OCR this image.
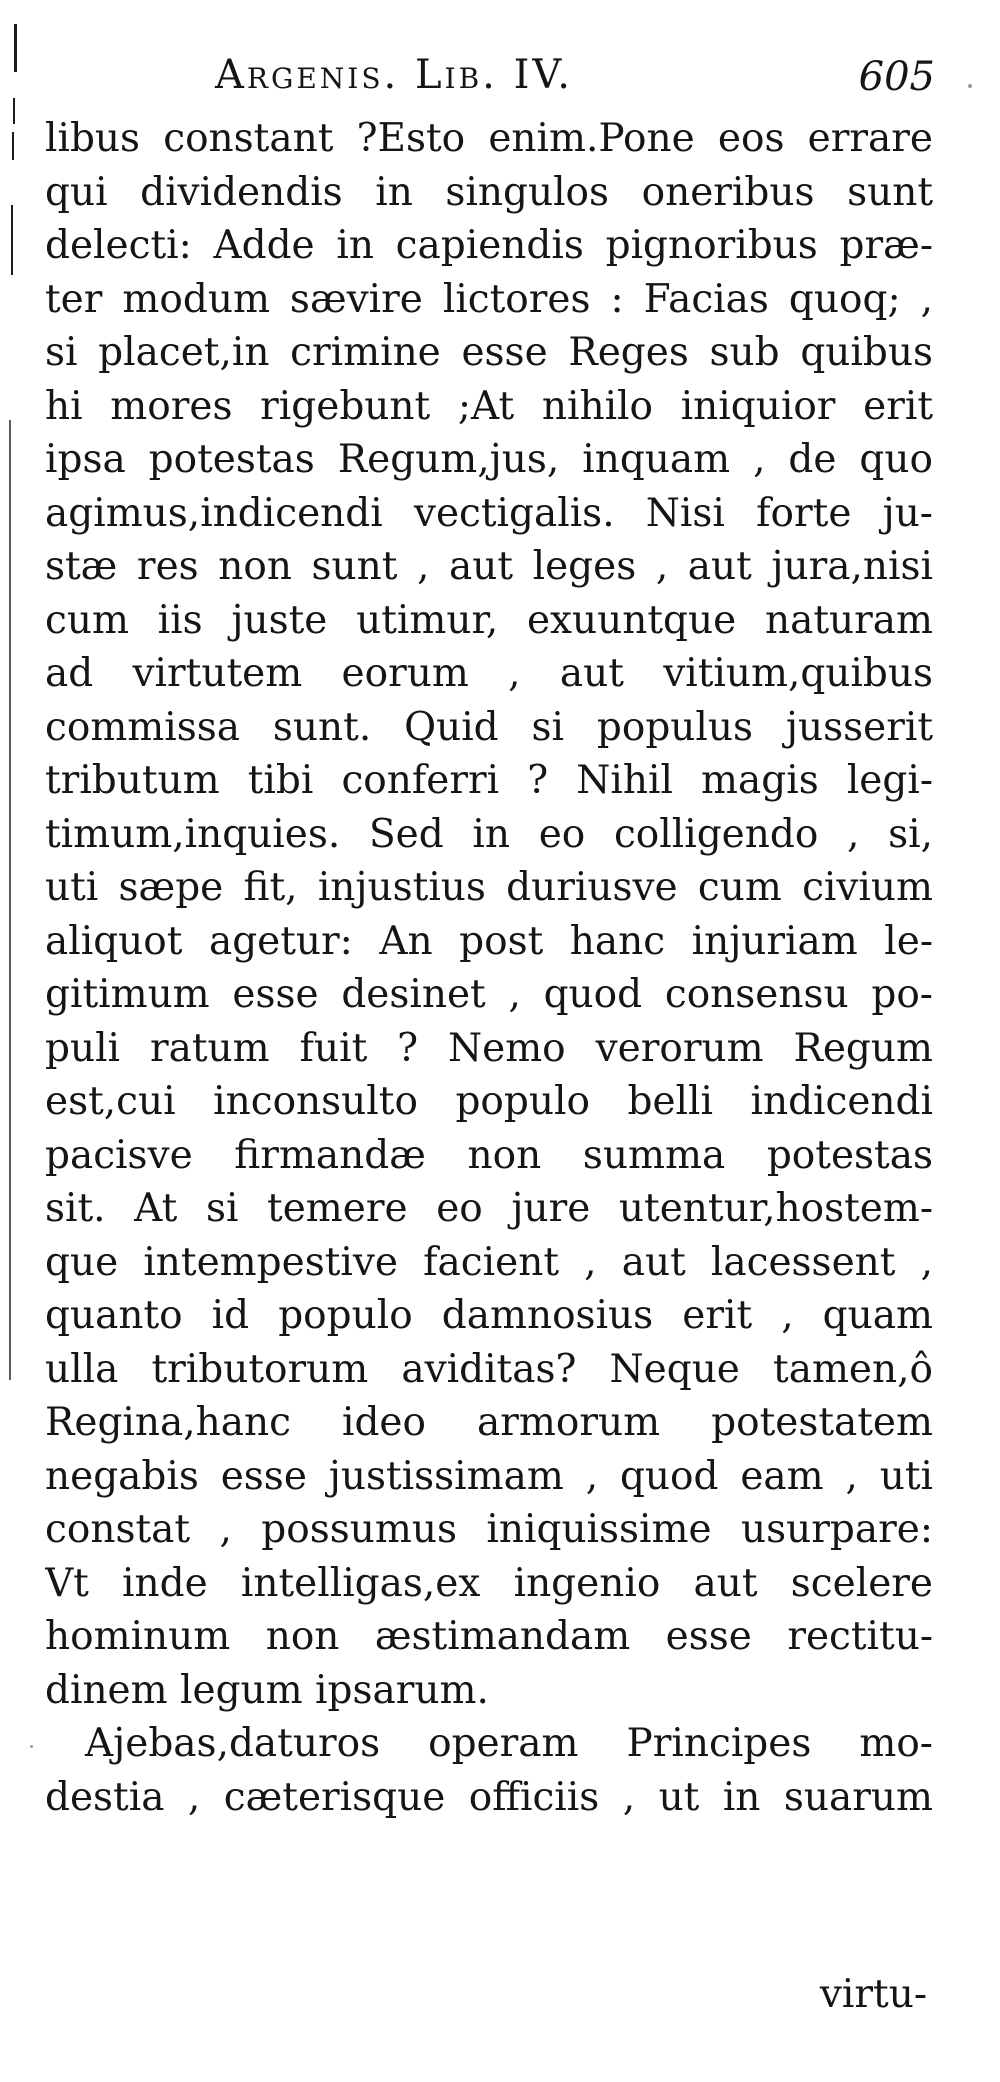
Argenis. Lib. IV.	605
libus constant ?Esto enim.Pone eos errare
qui dividendis in singulos oneribus sunt
delecti: Adde in capiendis pignoribus præ-
ter modum sævire lictores : Facias quoq; ,
si placet,in crimine esse Reges sub quibus
hi mores rigebunt ;At nihilo iniquior erit
ipsa potestas Regum,jus, inquam , de quo
agimus,indicendi vectigalis. Nisi forte ju-
stæ res non sunt , aut leges , aut jura,nisi
cum iis juste utimur, exuuntque naturam
ad virtutem eorum , aut vitium,quibus
commissa sunt. Quid si populus jusserit
tributum tibi conferri ? Nihil magis legi-
timum,inquies. Sed in eo colligendo , si,
uti sæpe fit, injustius duriusve cum civium
aliquot agetur: An post hanc injuriam le-
gitimum esse desinet , quod consensu po-
puli ratum fuit ? Nemo verorum Regum
est,cui inconsulto populo belli indicendi
pacisve firmandæ non summa potestas
sit. At si temere eo jure utentur,hostem-
que intempestive facient , aut lacessent ,
quanto id populo damnosius erit , quam
ulla tributorum aviditas? Neque tamen,ô
Regina,hanc ideo armorum potestatem
negabis esse justissimam , quod eam , uti
constat , possumus iniquissime usurpare:
Vt inde intelligas,ex ingenio aut scelere
hominum non æstimandam esse rectitu-
dinem legum ipsarum.
Ajebas,daturos operam Principes mo-
destia , cæterisque officiis , ut in suarum
virtu-
